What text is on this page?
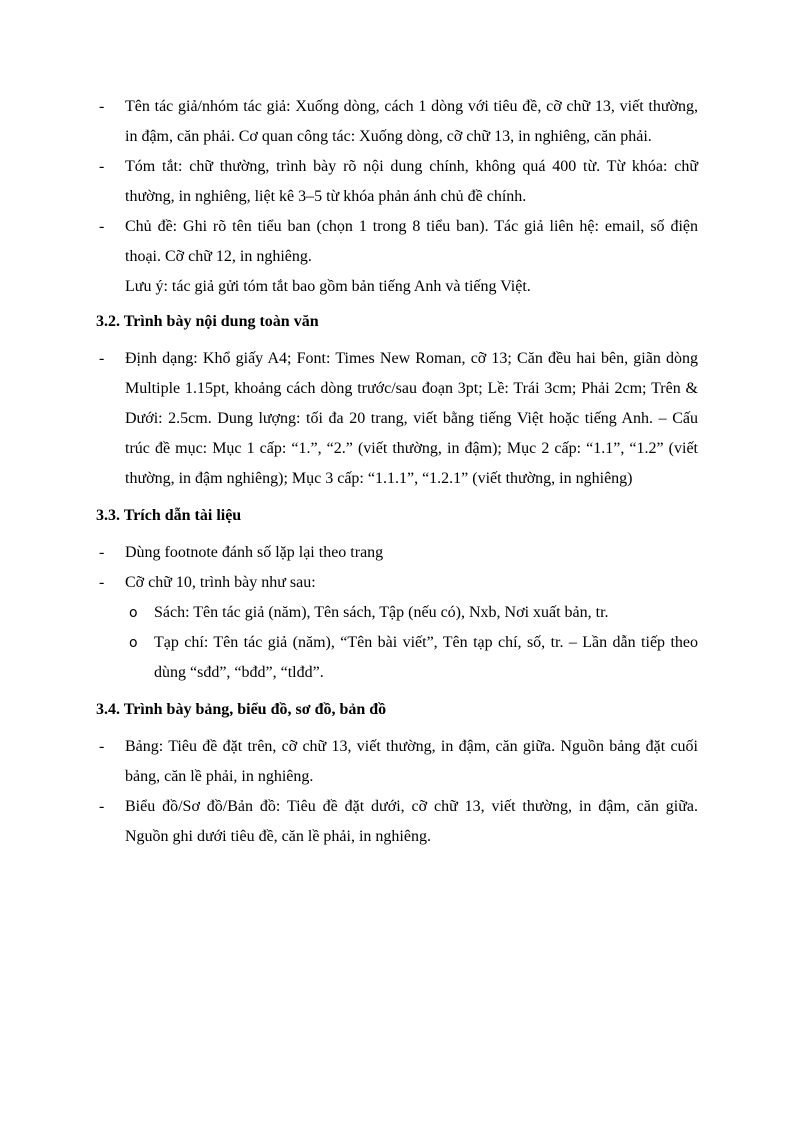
- Tên tác giả/nhóm tác giả: Xuống dòng, cách 1 dòng với tiêu đề, cỡ chữ 13, viết thường, in đậm, căn phải. Cơ quan công tác: Xuống dòng, cỡ chữ 13, in nghiêng, căn phải.
- Tóm tắt: chữ thường, trình bày rõ nội dung chính, không quá 400 từ. Từ khóa: chữ thường, in nghiêng, liệt kê 3–5 từ khóa phản ánh chủ đề chính.
- Chủ đề: Ghi rõ tên tiểu ban (chọn 1 trong 8 tiểu ban). Tác giả liên hệ: email, số điện thoại. Cỡ chữ 12, in nghiêng.
Lưu ý: tác giả gửi tóm tắt bao gồm bản tiếng Anh và tiếng Việt.
3.2. Trình bày nội dung toàn văn
- Định dạng: Khổ giấy A4; Font: Times New Roman, cỡ 13; Căn đều hai bên, giãn dòng Multiple 1.15pt, khoảng cách dòng trước/sau đoạn 3pt; Lề: Trái 3cm; Phải 2cm; Trên & Dưới: 2.5cm. Dung lượng: tối đa 20 trang, viết bằng tiếng Việt hoặc tiếng Anh. – Cấu trúc đề mục: Mục 1 cấp: “1.”, “2.” (viết thường, in đậm); Mục 2 cấp: “1.1”, “1.2” (viết thường, in đậm nghiêng); Mục 3 cấp: “1.1.1”, “1.2.1” (viết thường, in nghiêng)
3.3. Trích dẫn tài liệu
- Dùng footnote đánh số lặp lại theo trang
- Cỡ chữ 10, trình bày như sau:
o Sách: Tên tác giả (năm), Tên sách, Tập (nếu có), Nxb, Nơi xuất bản, tr.
o Tạp chí: Tên tác giả (năm), “Tên bài viết”, Tên tạp chí, số, tr. – Lần dẫn tiếp theo dùng “sđd”, “bđd”, “tlđd”.
3.4. Trình bày bảng, biểu đồ, sơ đồ, bản đồ
- Bảng: Tiêu đề đặt trên, cỡ chữ 13, viết thường, in đậm, căn giữa. Nguồn bảng đặt cuối bảng, căn lề phải, in nghiêng.
- Biểu đồ/Sơ đồ/Bản đồ: Tiêu đề đặt dưới, cỡ chữ 13, viết thường, in đậm, căn giữa. Nguồn ghi dưới tiêu đề, căn lề phải, in nghiêng.
